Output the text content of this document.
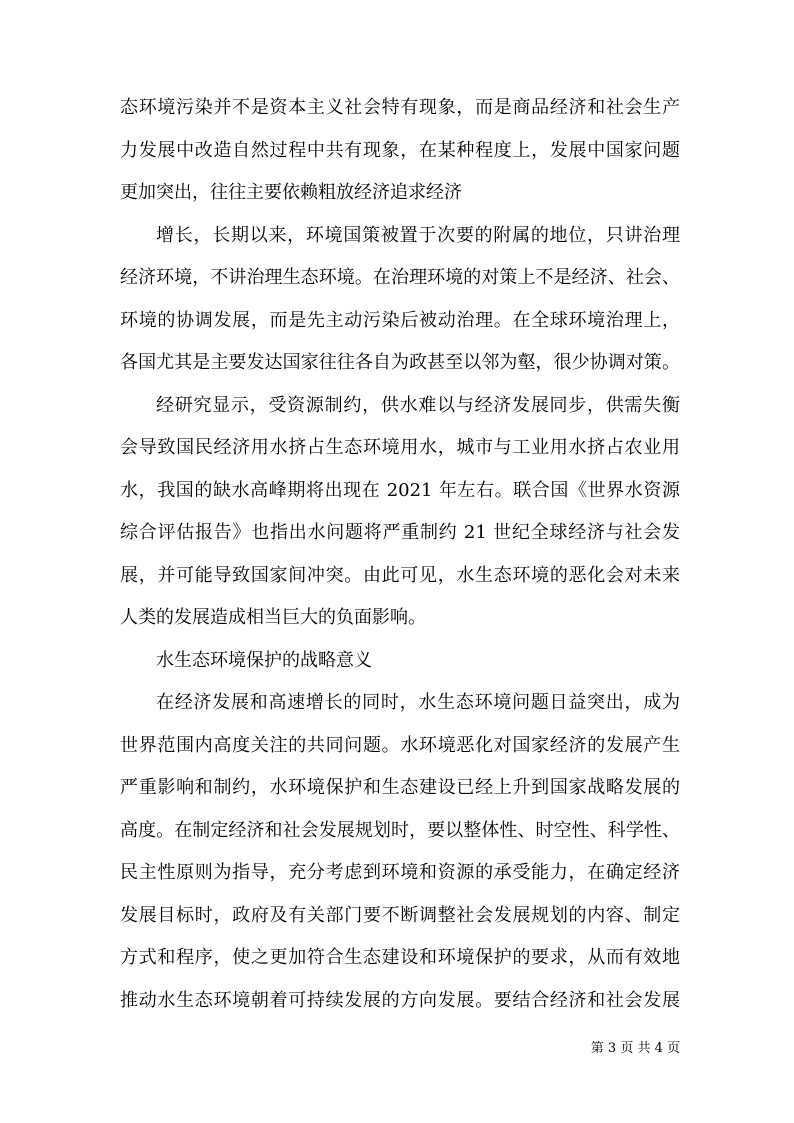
态环境污染并不是资本主义社会特有现象，而是商品经济和社会生产
力发展中改造自然过程中共有现象，在某种程度上，发展中国家问题
更加突出，往往主要依赖粗放经济追求经济
增长，长期以来，环境国策被置于次要的附属的地位，只讲治理
经济环境，不讲治理生态环境。在治理环境的对策上不是经济、社会、
环境的协调发展，而是先主动污染后被动治理。在全球环境治理上，
各国尤其是主要发达国家往往各自为政甚至以邻为壑，很少协调对策。
经研究显示，受资源制约，供水难以与经济发展同步，供需失衡
会导致国民经济用水挤占生态环境用水，城市与工业用水挤占农业用
水，我国的缺水高峰期将出现在 2021 年左右。联合国《世界水资源
综合评估报告》也指出水问题将严重制约 21 世纪全球经济与社会发
展，并可能导致国家间冲突。由此可见，水生态环境的恶化会对未来
人类的发展造成相当巨大的负面影响。
水生态环境保护的战略意义
在经济发展和高速增长的同时，水生态环境问题日益突出，成为
世界范围内高度关注的共同问题。水环境恶化对国家经济的发展产生
严重影响和制约，水环境保护和生态建设已经上升到国家战略发展的
高度。在制定经济和社会发展规划时，要以整体性、时空性、科学性、
民主性原则为指导，充分考虑到环境和资源的承受能力，在确定经济
发展目标时，政府及有关部门要不断调整社会发展规划的内容、制定
方式和程序，使之更加符合生态建设和环境保护的要求，从而有效地
第 3 页 共 4 页
推动水生态环境朝着可持续发展的方向发展。要结合经济和社会发展
